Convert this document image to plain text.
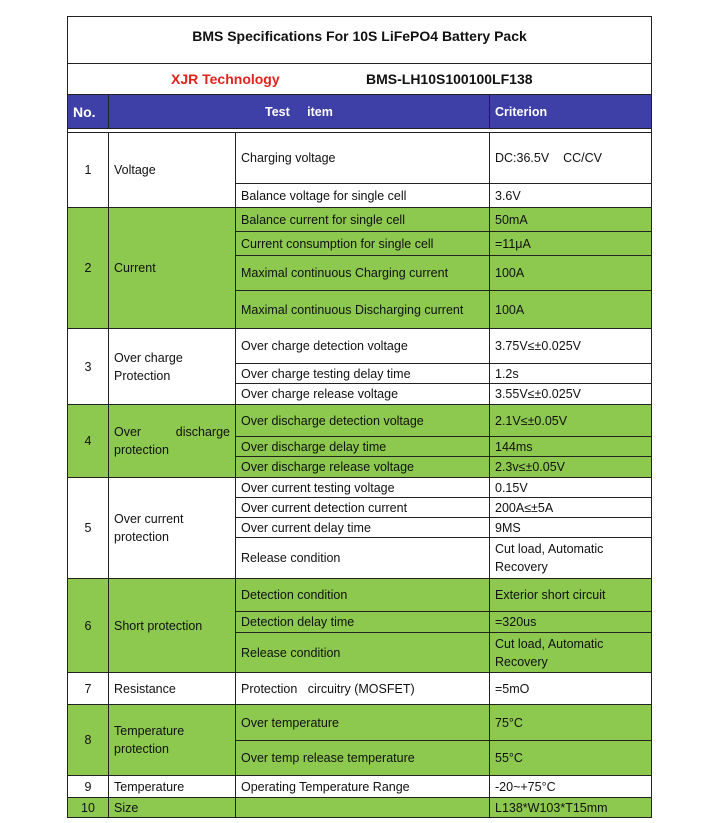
BMS Specifications For 10S LiFePO4 Battery Pack			
XJR Technology BMS-LH10S100100LF138			
No.	Test     item		Criterion

1	Voltage	Charging voltage	DC:36.5V    CC/CV
		Balance voltage for single cell	3.6V
2	Current	Balance current for single cell	50mA
		Current consumption for single cell	=11μA
		Maximal continuous Charging current	100A
		Maximal continuous Discharging current	100A
3	Over charge Protection	Over charge detection voltage	3.75V≤±0.025V
		Over charge testing delay time	1.2s
		Over charge release voltage	3.55V≤±0.025V
4	Over       discharge protection	Over discharge detection voltage	2.1V≤±0.05V
		Over discharge delay time	144ms
		Over discharge release voltage	2.3v≤±0.05V
5	Over current protection	Over current testing voltage	0.15V
		Over current detection current	200A≤±5A
		Over current delay time	9MS
		Release condition	Cut load, Automatic Recovery
6	Short protection	Detection condition	Exterior short circuit
		Detection delay time	=320us
		Release condition	Cut load, Automatic Recovery
7	Resistance	Protection   circuitry (MOSFET)	=5mO
8	Temperature protection	Over temperature	75°C
		Over temp release temperature	55°C
9	Temperature	Operating Temperature Range	-20~+75°C
10	Size		L138*W103*T15mm
